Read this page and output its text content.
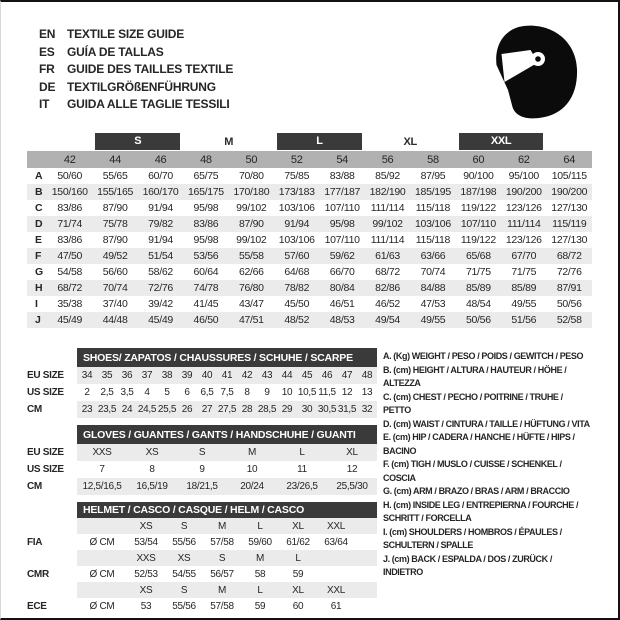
EN TEXTILE SIZE GUIDE
ES	GUÍA DE TALLAS
FR	GUIDE DES TAILLES TEXTILE
DE TEXTILGRÖßENFÜHRUNG
IT	GUIDA ALLE TAGLIE TESSILI

		S		M		L		XL		XXL		

	42	44	46	48	50	52	54	56	58	60	62	64
A	50/60	55/65	60/70	65/75	70/80	75/85	83/88	85/92	87/95	90/100	95/100	105/115
B	150/160	155/165	160/170	165/175	170/180	173/183	177/187	182/190	185/195	187/198	190/200	190/200
C	83/86	87/90	91/94	95/98	99/102	103/106	107/110	111/114	115/118	119/122	123/126	127/130
D	71/74	75/78	79/82	83/86	87/90	91/94	95/98	99/102	103/106	107/110	111/114	115/119
E	83/86	87/90	91/94	95/98	99/102	103/106	107/110	111/114	115/118	119/122	123/126	127/130
F	47/50	49/52	51/54	53/56	55/58	57/60	59/62	61/63	63/66	65/68	67/70	68/72
G	54/58	56/60	58/62	60/64	62/66	64/68	66/70	68/72	70/74	71/75	71/75	72/76
H	68/72	70/74	72/76	74/78	76/80	78/82	80/84	82/86	84/88	85/89	85/89	87/91
I	35/38	37/40	39/42	41/45	43/47	45/50	46/51	46/52	47/53	48/54	49/55	50/56
J	45/49	44/48	45/49	46/50	47/51	48/52	48/53	49/54	49/55	50/56	51/56	52/58
	SHOES/ ZAPATOS / CHAUSSURES / SCHUHE / SCARPE														
EU SIZE	34	35	36	37	38	39	40	41	42	43	44	45	46	47	48
US SIZE	2	2,5	3,5	4	5	6	6,5	7,5	8	9	10	10,5	11,5	12	13
CM	23	23,5	24	24,5	25,5	26	27	27,5	28	28,5	29	30	30,5	31,5	32
	GLOVES / GUANTES / GANTS / HANDSCHUHE / GUANTI					
EU SIZE	XXS	XS	S	M	L	XL
US SIZE	7	8	9	10	11	12
CM	12,5/16,5	16,5/19	18/21,5	20/24	23/26,5	25,5/30
	HELMET / CASCO / CASQUE / HELM / CASCO							
		XS	S	M	L	XL	XXL	
FIA	Ø CM	53/54	55/56	57/58	59/60	61/62	63/64	
		XXS	XS	S	M	L		
CMR	Ø CM	52/53	54/55	56/57	58	59		
		XS	S	M	L	XL	XXL	
ECE	Ø CM	53	55/56	57/58	59	60	61	

A. (Kg) WEIGHT / PESO / POIDS / GEWITCH / PESO

B. (cm) HEIGHT / ALTURA / HAUTEUR / HÖHE / ALTEZZA

C. (cm) CHEST / PECHO / POITRINE / TRUHE / PETTO

D. (cm) WAIST / CINTURA / TAILLE / HÜFTUNG / VITA

E. (cm) HIP / CADERA / HANCHE / HÜFTE / HIPS / BACINO

F. (cm) TIGH / MUSLO / CUISSE / SCHENKEL / COSCIA

G. (cm) ARM / BRAZO / BRAS / ARM / BRACCIO

H. (cm) INSIDE LEG / ENTREPIERNA / FOURCHE / SCHRITT / FORCELLA

I. (cm) SHOULDERS / HOMBROS / ÉPAULES / SCHULTERN / SPALLE

J. (cm) BACK / ESPALDA / DOS / ZURÜCK / INDIETRO
